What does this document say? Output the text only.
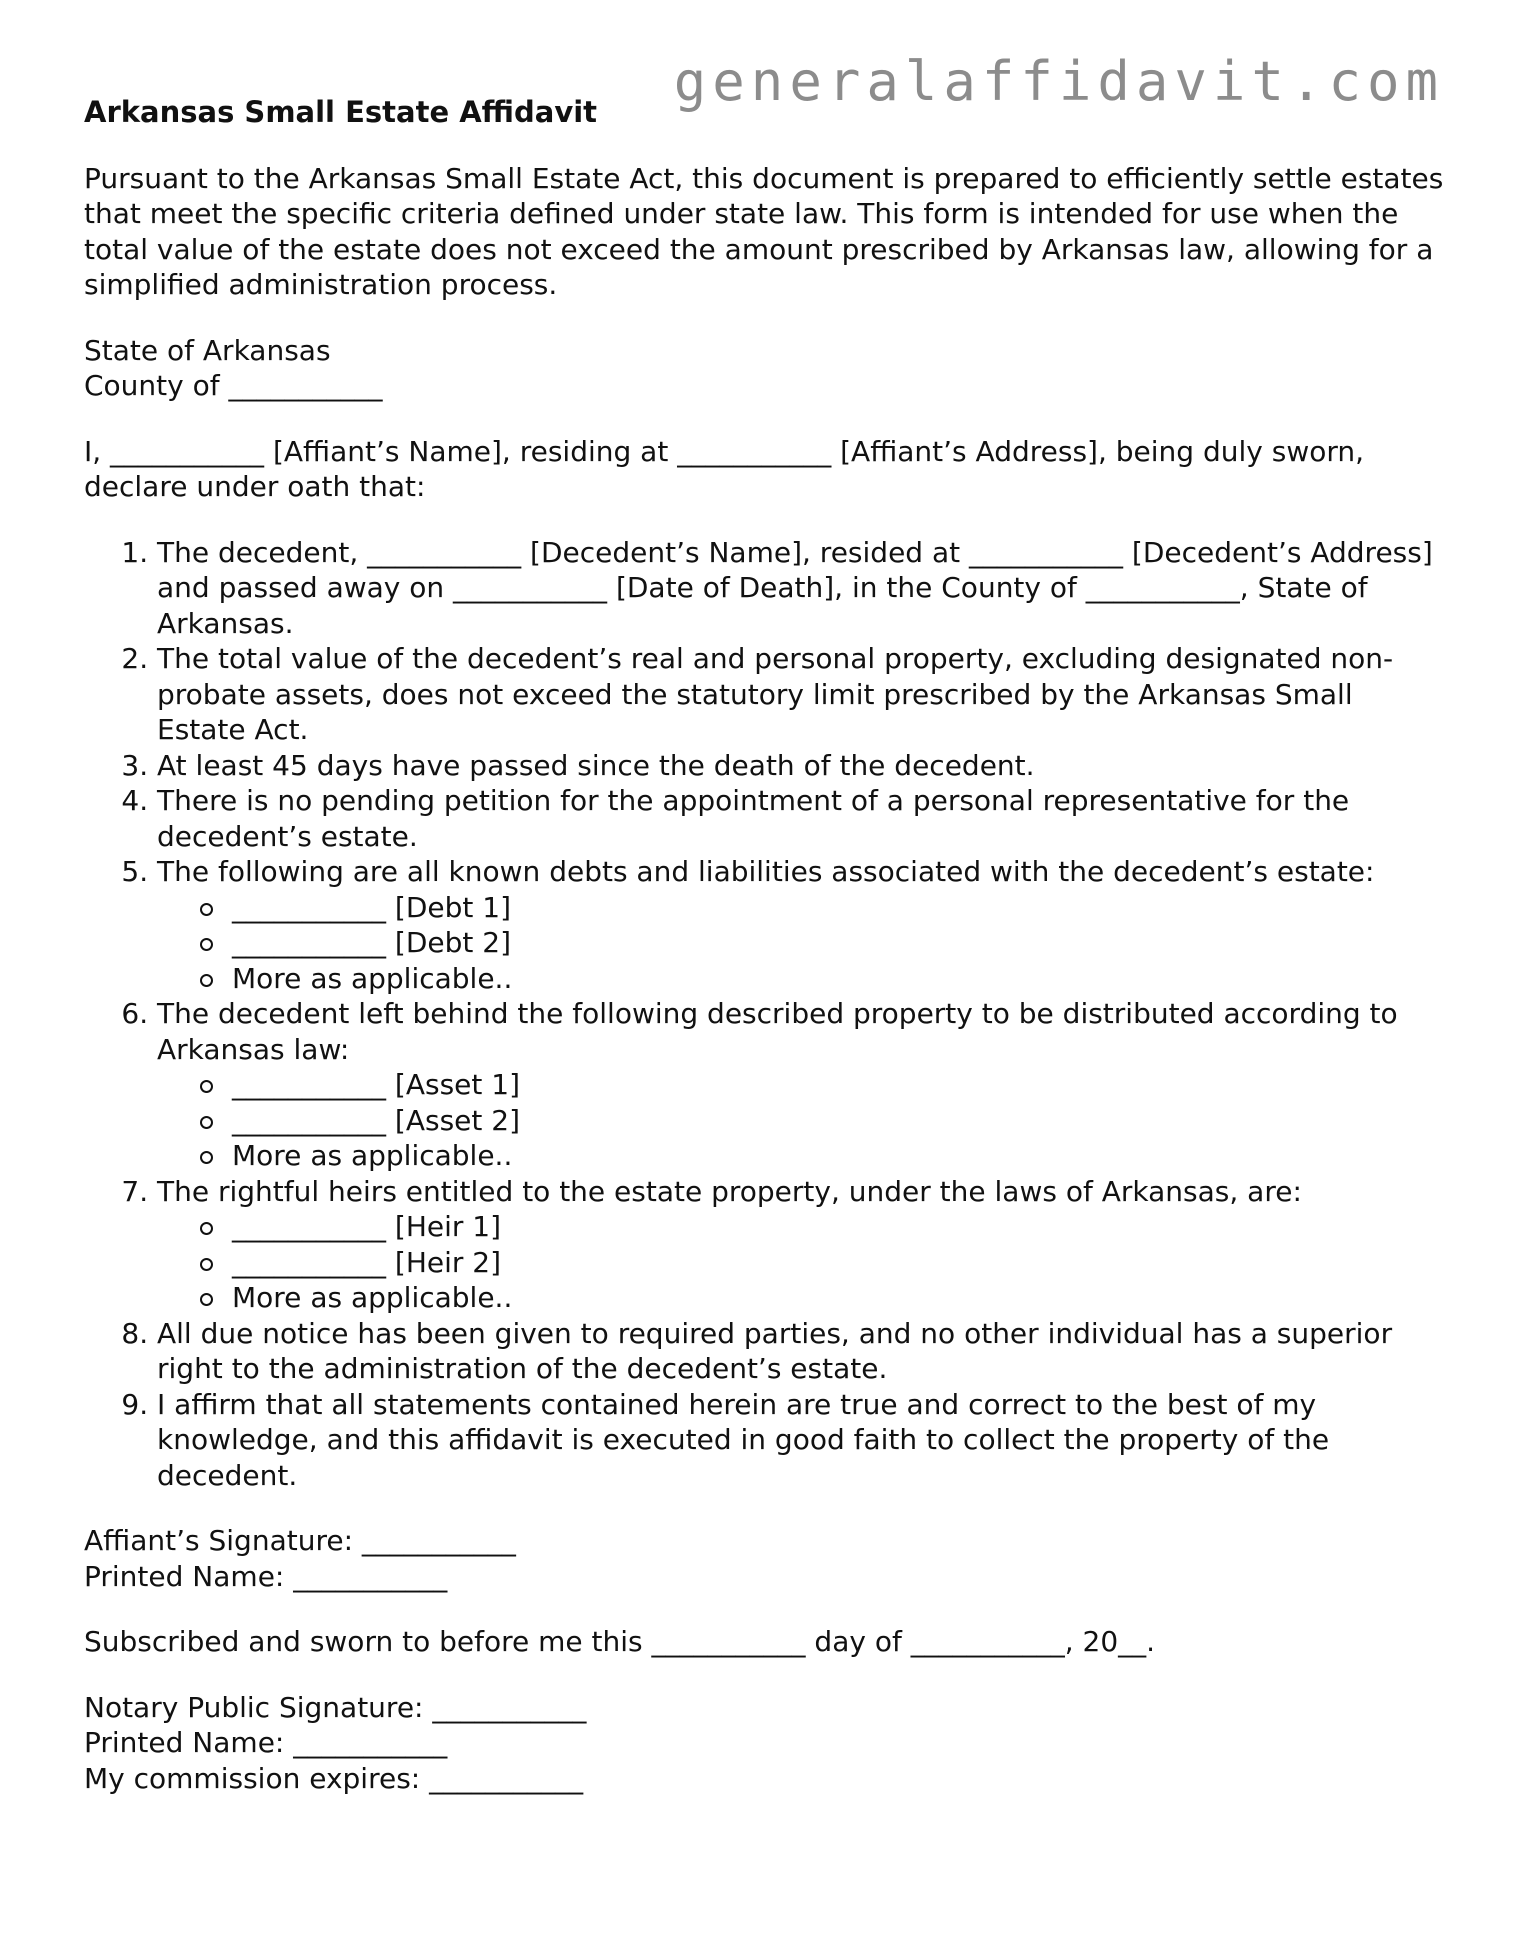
generalaffidavit.com

Arkansas Small Estate Affidavit

Pursuant to the Arkansas Small Estate Act, this document is prepared to efficiently settle estates that meet the specific criteria defined under state law. This form is intended for use when the total value of the estate does not exceed the amount prescribed by Arkansas law, allowing for a simplified administration process.

State of Arkansas

County of ___________

I, ___________ [Affiant’s Name], residing at ___________ [Affiant’s Address], being duly sworn, declare under oath that:

1. The decedent, ___________ [Decedent’s Name], resided at ___________ [Decedent’s Address] and passed away on ___________ [Date of Death], in the County of ___________, State of Arkansas.
2. The total value of the decedent’s real and personal property, excluding designated non-probate assets, does not exceed the statutory limit prescribed by the Arkansas Small Estate Act.
3. At least 45 days have passed since the death of the decedent.
4. There is no pending petition for the appointment of a personal representative for the decedent’s estate.
5. The following are all known debts and liabilities associated with the decedent’s estate:
___________ [Debt 1]
___________ [Debt 2]
More as applicable..
6. The decedent left behind the following described property to be distributed according to Arkansas law:
___________ [Asset 1]
___________ [Asset 2]
More as applicable..
7. The rightful heirs entitled to the estate property, under the laws of Arkansas, are:
___________ [Heir 1]
___________ [Heir 2]
More as applicable..
8. All due notice has been given to required parties, and no other individual has a superior right to the administration of the decedent’s estate.
9. I affirm that all statements contained herein are true and correct to the best of my knowledge, and this affidavit is executed in good faith to collect the property of the decedent.

Affiant’s Signature: ___________

Printed Name: ___________

Subscribed and sworn to before me this ___________ day of ___________, 20__.

Notary Public Signature: ___________

Printed Name: ___________

My commission expires: ___________
